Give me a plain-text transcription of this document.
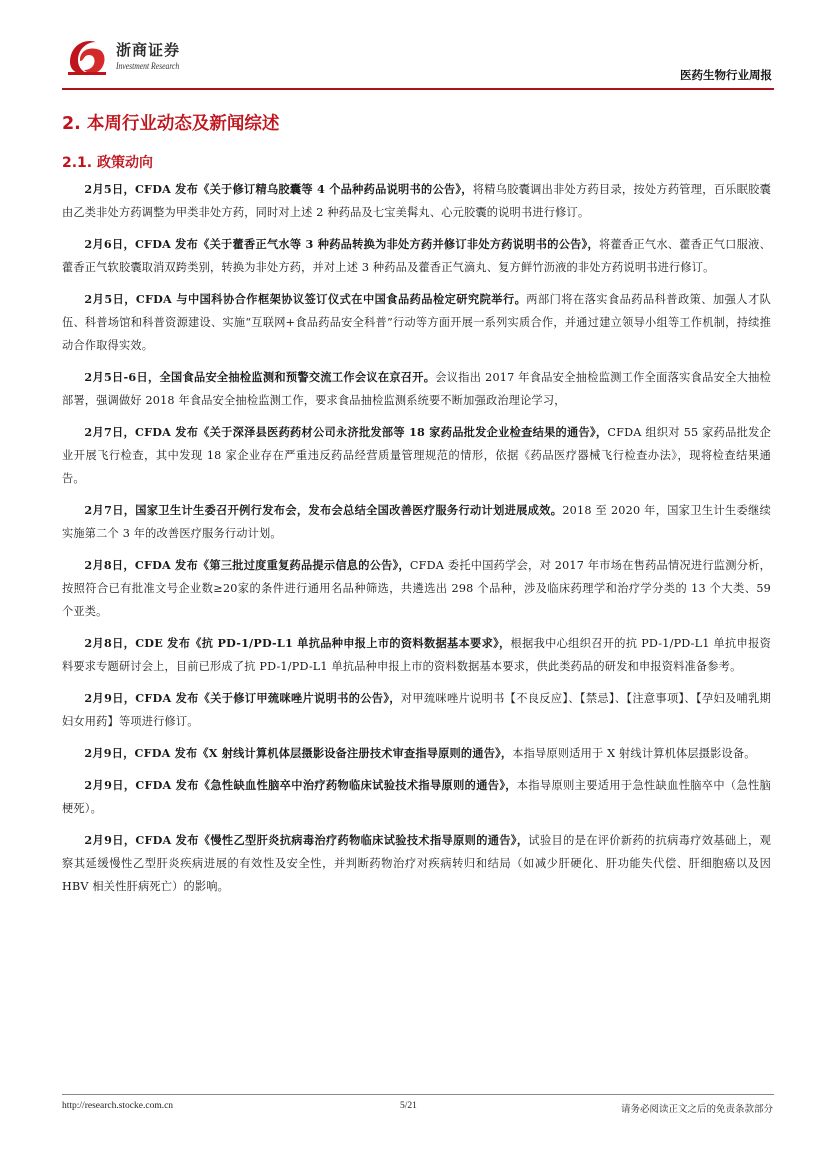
浙商证券
Investment Research
医药生物行业周报
2. 本周行业动态及新闻综述
2.1. 政策动向

2月5日，CFDA 发布《关于修订精乌胶囊等 4 个品种药品说明书的公告》，将精乌胶囊调出非处方药目录，按处方药管理，百乐眠胶囊由乙类非处方药调整为甲类非处方药，同时对上述 2 种药品及七宝美髯丸、心元胶囊的说明书进行修订。

2月6日，CFDA 发布《关于藿香正气水等 3 种药品转换为非处方药并修订非处方药说明书的公告》，将藿香正气水、藿香正气口服液、藿香正气软胶囊取消双跨类别，转换为非处方药，并对上述 3 种药品及藿香正气滴丸、复方鲜竹沥液的非处方药说明书进行修订。

2月5日，CFDA 与中国科协合作框架协议签订仪式在中国食品药品检定研究院举行。两部门将在落实食品药品科普政策、加强人才队伍、科普场馆和科普资源建设、实施“互联网+食品药品安全科普”行动等方面开展一系列实质合作，并通过建立领导小组等工作机制，持续推动合作取得实效。

2月5日-6日，全国食品安全抽检监测和预警交流工作会议在京召开。会议指出 2017 年食品安全抽检监测工作全面落实食品安全大抽检部署，强调做好 2018 年食品安全抽检监测工作，要求食品抽检监测系统要不断加强政治理论学习，

2月7日，CFDA 发布《关于深泽县医药药材公司永济批发部等 18 家药品批发企业检查结果的通告》，CFDA 组织对 55 家药品批发企业开展飞行检查，其中发现 18 家企业存在严重违反药品经营质量管理规范的情形，依据《药品医疗器械飞行检查办法》，现将检查结果通告。

2月7日，国家卫生计生委召开例行发布会，发布会总结全国改善医疗服务行动计划进展成效。2018 至 2020 年，国家卫生计生委继续实施第二个 3 年的改善医疗服务行动计划。

2月8日，CFDA 发布《第三批过度重复药品提示信息的公告》，CFDA 委托中国药学会，对 2017 年市场在售药品情况进行监测分析，按照符合已有批准文号企业数≥20家的条件进行通用名品种筛选，共遴选出 298 个品种，涉及临床药理学和治疗学分类的 13 个大类、59 个亚类。

2月8日，CDE 发布《抗 PD-1/PD-L1 单抗品种申报上市的资料数据基本要求》，根据我中心组织召开的抗 PD-1/PD-L1 单抗申报资料要求专题研讨会上，目前已形成了抗 PD-1/PD-L1 单抗品种申报上市的资料数据基本要求，供此类药品的研发和申报资料准备参考。

2月9日，CFDA 发布《关于修订甲巯咪唑片说明书的公告》，对甲巯咪唑片说明书【不良反应】、【禁忌】、【注意事项】、【孕妇及哺乳期妇女用药】等项进行修订。

2月9日，CFDA 发布《X 射线计算机体层摄影设备注册技术审查指导原则的通告》，本指导原则适用于 X 射线计算机体层摄影设备。

2月9日，CFDA 发布《急性缺血性脑卒中治疗药物临床试验技术指导原则的通告》，本指导原则主要适用于急性缺血性脑卒中（急性脑梗死）。

2月9日，CFDA 发布《慢性乙型肝炎抗病毒治疗药物临床试验技术指导原则的通告》，试验目的是在评价新药的抗病毒疗效基础上，观察其延缓慢性乙型肝炎疾病进展的有效性及安全性，并判断药物治疗对疾病转归和结局（如减少肝硬化、肝功能失代偿、肝细胞癌以及因 HBV 相关性肝病死亡）的影响。

http://research.stocke.com.cn	5/21	请务必阅读正文之后的免责条款部分
